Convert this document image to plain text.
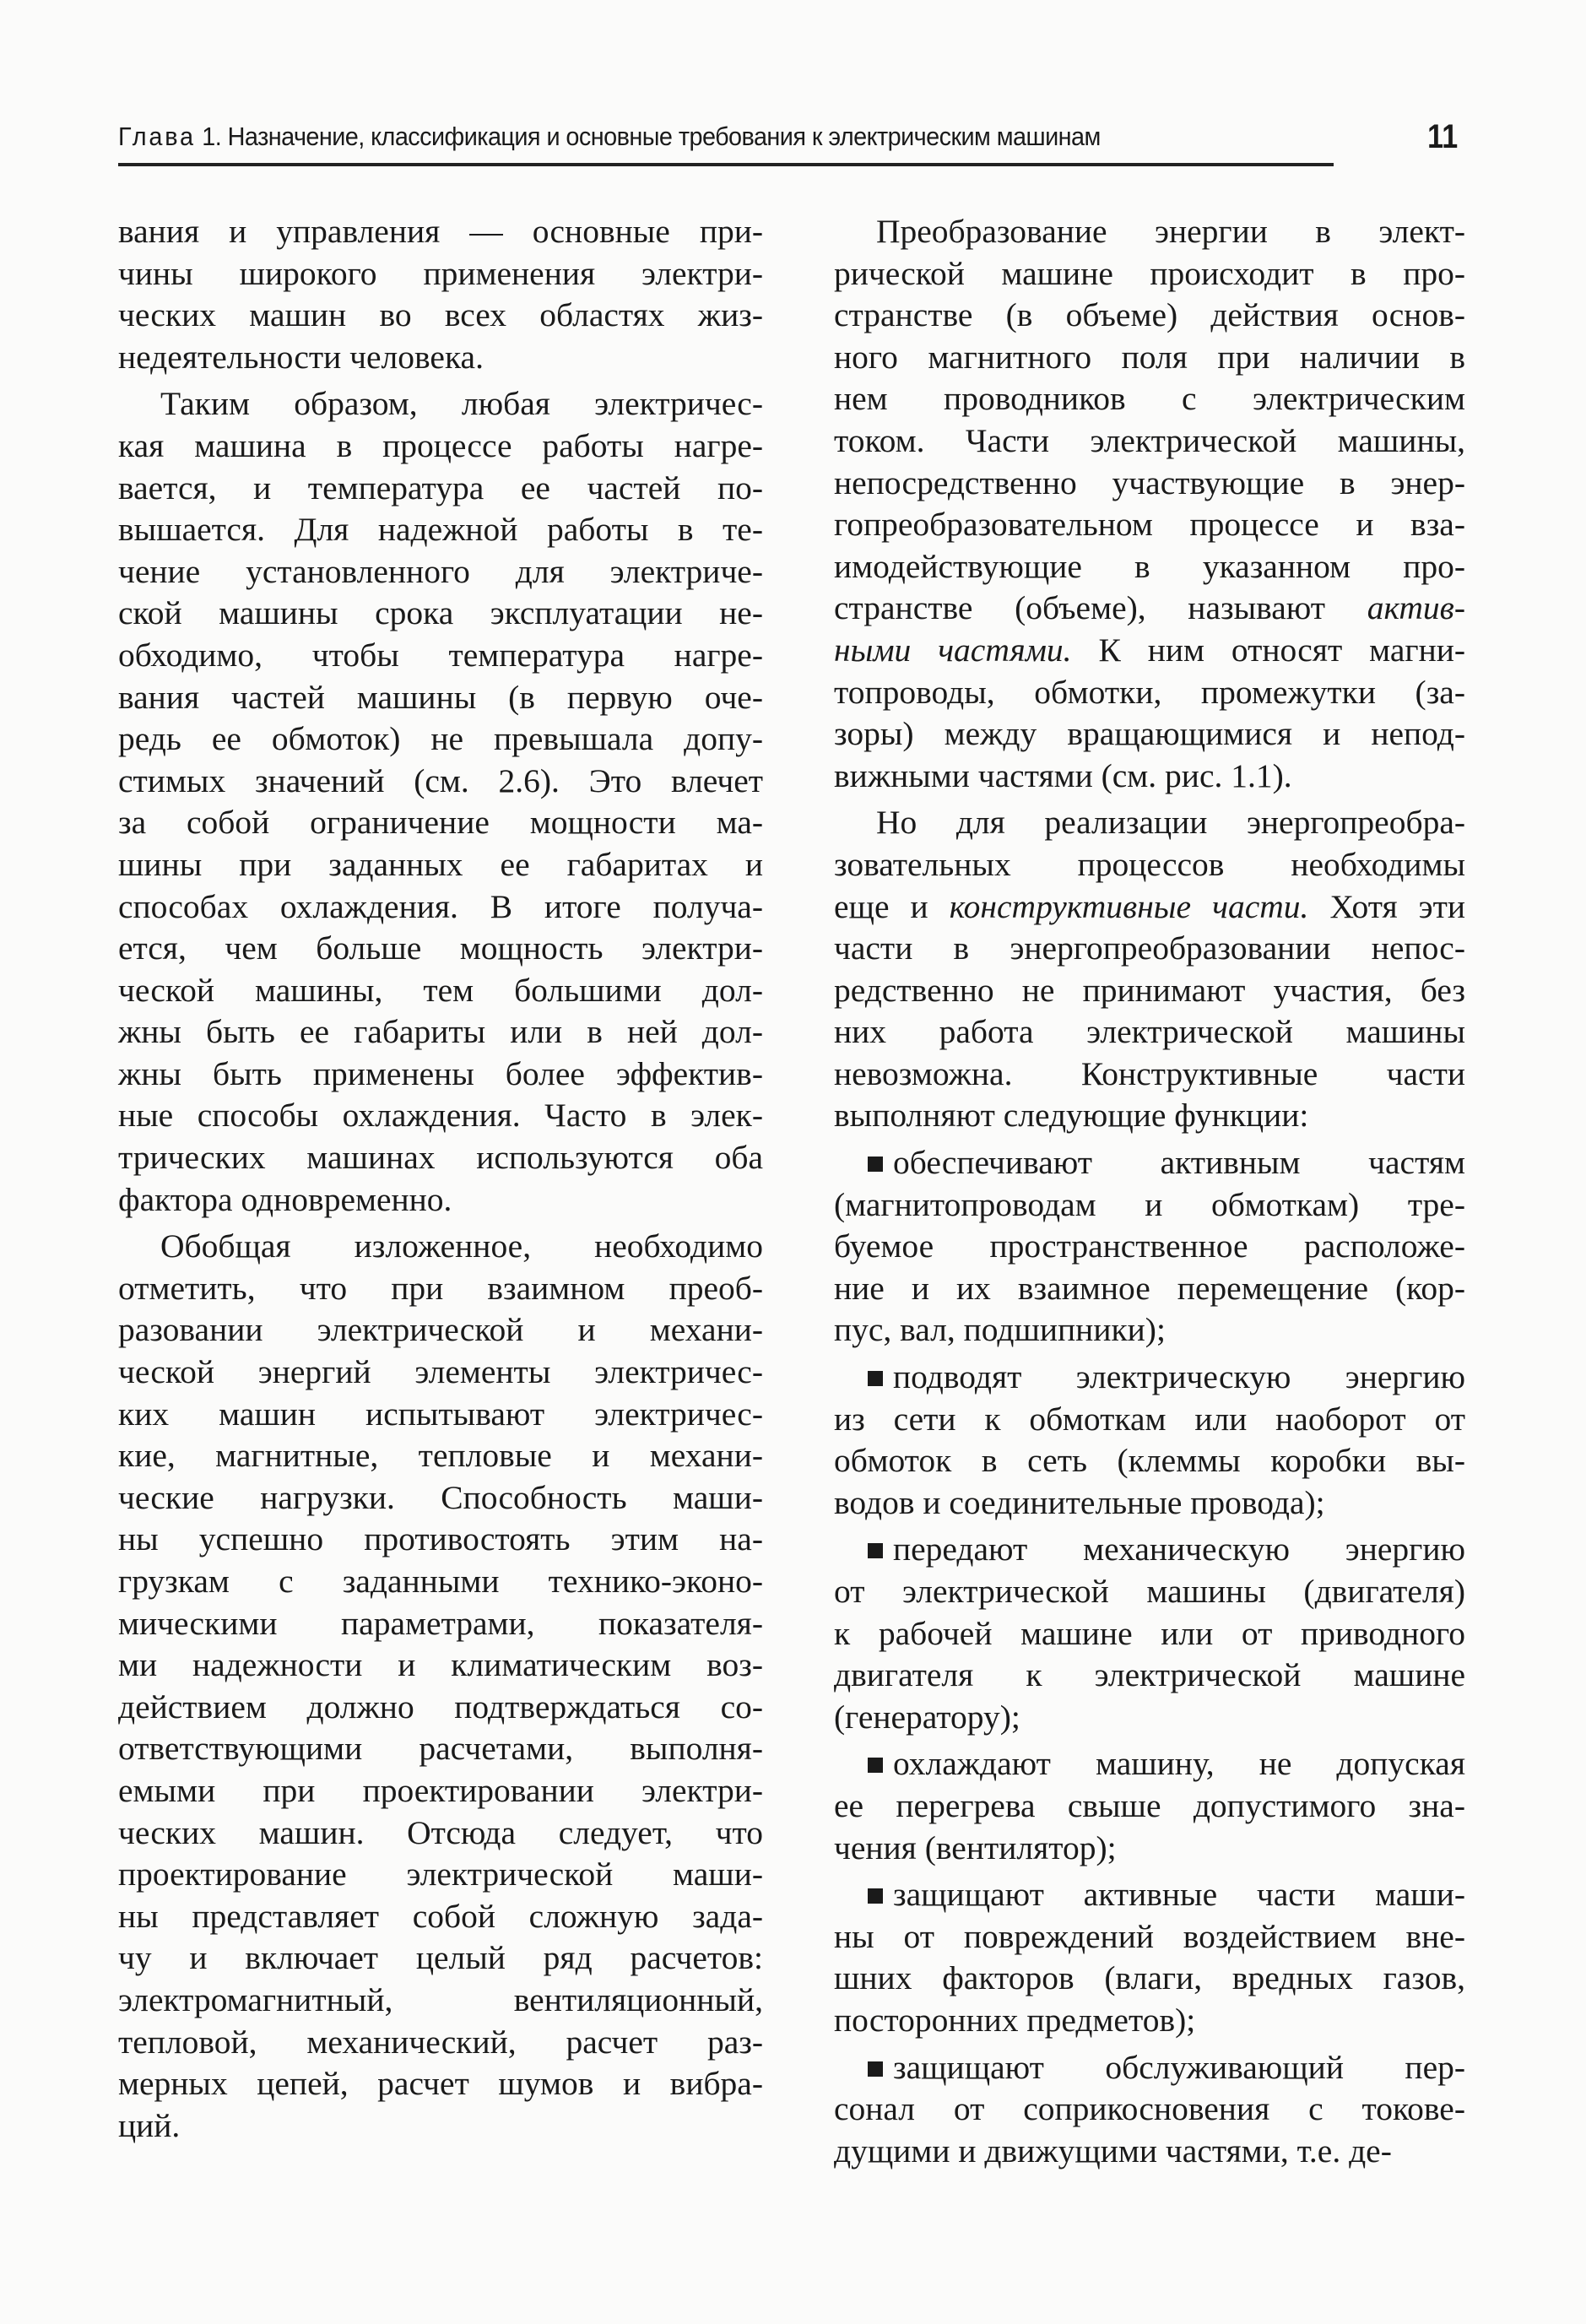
Глава 1. Назначение, классификация и основные требования к электрическим машинам	11
вания и управления — основные при-
чины широкого применения электри-
ческих машин во всех областях жиз-
недеятельности человека.
Таким образом, любая электричес-
кая машина в процессе работы нагре-
вается, и температура ее частей по-
вышается. Для надежной работы в те-
чение установленного для электриче-
ской машины срока эксплуатации не-
обходимо, чтобы температура нагре-
вания частей машины (в первую оче-
редь ее обмоток) не превышала допу-
стимых значений (см. 2.6). Это влечет
за собой ограничение мощности ма-
шины при заданных ее габаритах и
способах охлаждения. В итоге получа-
ется, чем больше мощность электри-
ческой машины, тем большими дол-
жны быть ее габариты или в ней дол-
жны быть применены более эффектив-
ные способы охлаждения. Часто в элек-
трических машинах используются оба
фактора одновременно.
Обобщая изложенное, необходимо
отметить, что при взаимном преоб-
разовании электрической и механи-
ческой энергий элементы электричес-
ких машин испытывают электричес-
кие, магнитные, тепловые и механи-
ческие нагрузки. Способность маши-
ны успешно противостоять этим на-
грузкам с заданными технико-эконо-
мическими параметрами, показателя-
ми надежности и климатическим воз-
действием должно подтверждаться со-
ответствующими расчетами, выполня-
емыми при проектировании электри-
ческих машин. Отсюда следует, что
проектирование электрической маши-
ны представляет собой сложную зада-
чу и включает целый ряд расчетов:
электромагнитный, вентиляционный,
тепловой, механический, расчет раз-
мерных цепей, расчет шумов и вибра-
ций.
Преобразование энергии в элект-
рической машине происходит в про-
странстве (в объеме) действия основ-
ного магнитного поля при наличии в
нем проводников с электрическим
током. Части электрической машины,
непосредственно участвующие в энер-
гопреобразовательном процессе и вза-
имодействующие в указанном про-
странстве (объеме), называют актив-
ными частями. К ним относят магни-
топроводы, обмотки, промежутки (за-
зоры) между вращающимися и непод-
вижными частями (см. рис. 1.1).
Но для реализации энергопреобра-
зовательных процессов необходимы
еще и конструктивные части. Хотя эти
части в энергопреобразовании непос-
редственно не принимают участия, без
них работа электрической машины
невозможна. Конструктивные части
выполняют следующие функции:
обеспечивают активным частям
(магнитопроводам и обмоткам) тре-
буемое пространственное расположе-
ние и их взаимное перемещение (кор-
пус, вал, подшипники);
подводят электрическую энергию
из сети к обмоткам или наоборот от
обмоток в сеть (клеммы коробки вы-
водов и соединительные провода);
передают механическую энергию
от электрической машины (двигателя)
к рабочей машине или от приводного
двигателя к электрической машине
(генератору);
охлаждают машину, не допуская
ее перегрева свыше допустимого зна-
чения (вентилятор);
защищают активные части маши-
ны от повреждений воздействием вне-
шних факторов (влаги, вредных газов,
посторонних предметов);
защищают обслуживающий пер-
сонал от соприкосновения с токове-
дущими и движущими частями, т.е. де-
